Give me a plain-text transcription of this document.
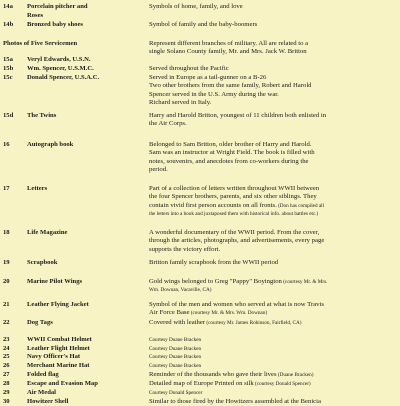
14a Porcelain pitcher and	Symbols of home, family, and love
Roses
14b Bronzed baby shoes	Symbol of family and the baby-boomers
Photos of Five Servicemen	Represent different branches of military. All are related to a
single Solano County family, Mr. and Mrs. Jack W. Britton
15a Veryl Edwards, U.S.N.
15b Wm. Spencer, U.S.M.C.	Served throughout the Pacific
15c Donald Spencer, U.S.A.C.	Served in Europe as a tail-gunner on a B-26
Two other brothers from the same family, Robert and Harold
Spencer served in the U.S. Army during the war.
Richard served in Italy.
15d The Twins	Harry and Harold Britton, youngest of 11 children both enlisted in
the Air Corps.
16	Autograph book	Belonged to Sam Britton, older brother of Harry and Harold.
Sam was an instructor at Wright Field. The book is filled with
notes, souvenirs, and anecdotes from co-workers during the
period.
17	Letters	Part of a collection of letters written throughout WWII between
the four Spencer brothers, parents, and six other siblings. They
contain vivid first person accounts on all fronts. (Don has compiled all
the letters into a book and juxtaposed them with historical info. about battles etc.)
18	Life Magazine	A wonderful documentary of the WWII period. From the cover,
through the articles, photographs, and advertisements, every page
supports the victory effort.
19	Scrapbook	Britton family scrapbook from the WWII period
20	Marine Pilot Wings	Gold wings belonged to Greg "Pappy" Boyington (courtesy Mr. & Mrs.
Wm. Downan, Vacaville, CA)
21	Leather Flying Jacket	Symbol of the men and women who served at what is now Travis
Air Force Base (courtesy Mr. & Mrs. Wm. Downan)
22	Dog Tags	Covered with leather (courtesy Mr. James Robinson, Fairfield, CA)
23	WWII Combat Helmet	Courtesy Duane Bracken
24	Leather Flight Helmet	Courtesy Duane Bracken
25	Navy Officer's Hat	Courtesy Duane Bracken
26	Merchant Marine Hat	Courtesy Duane Bracken
27	Folded flag	Reminder of the thousands who gave their lives (Duane Bracken)
28	Escape and Evasion Map	Detailed map of Europe Printed on silk (courtesy Donald Spencer)
29	Air Medal	Courtesy Donald Spencer
30	Howitzer Shell	Similar to those fired by the Howitzers assembled at the Benicia
